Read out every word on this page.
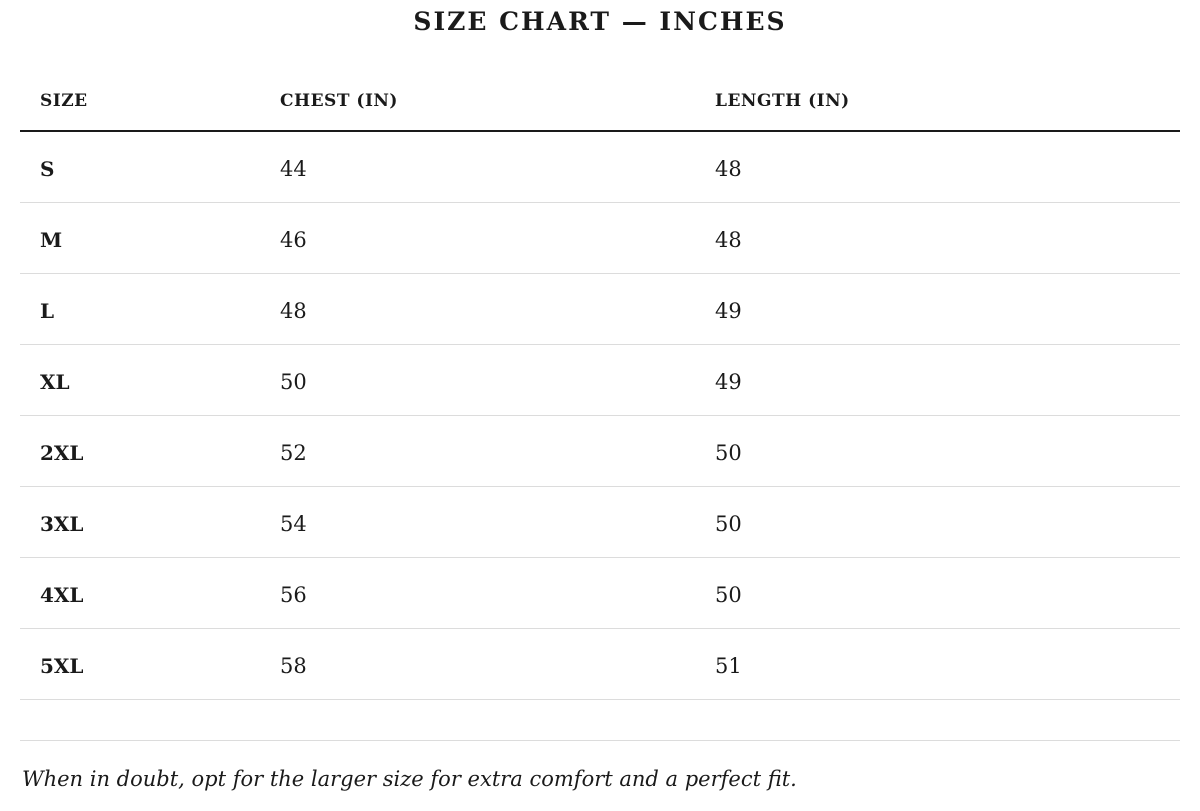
SIZE CHART — INCHES
SIZE	CHEST (IN)	LENGTH (IN)
S	44	48
M	46	48
L	48	49
XL	50	49
2XL	52	50
3XL	54	50
4XL	56	50
5XL	58	51
When in doubt, opt for the larger size for extra comfort and a perfect fit.
